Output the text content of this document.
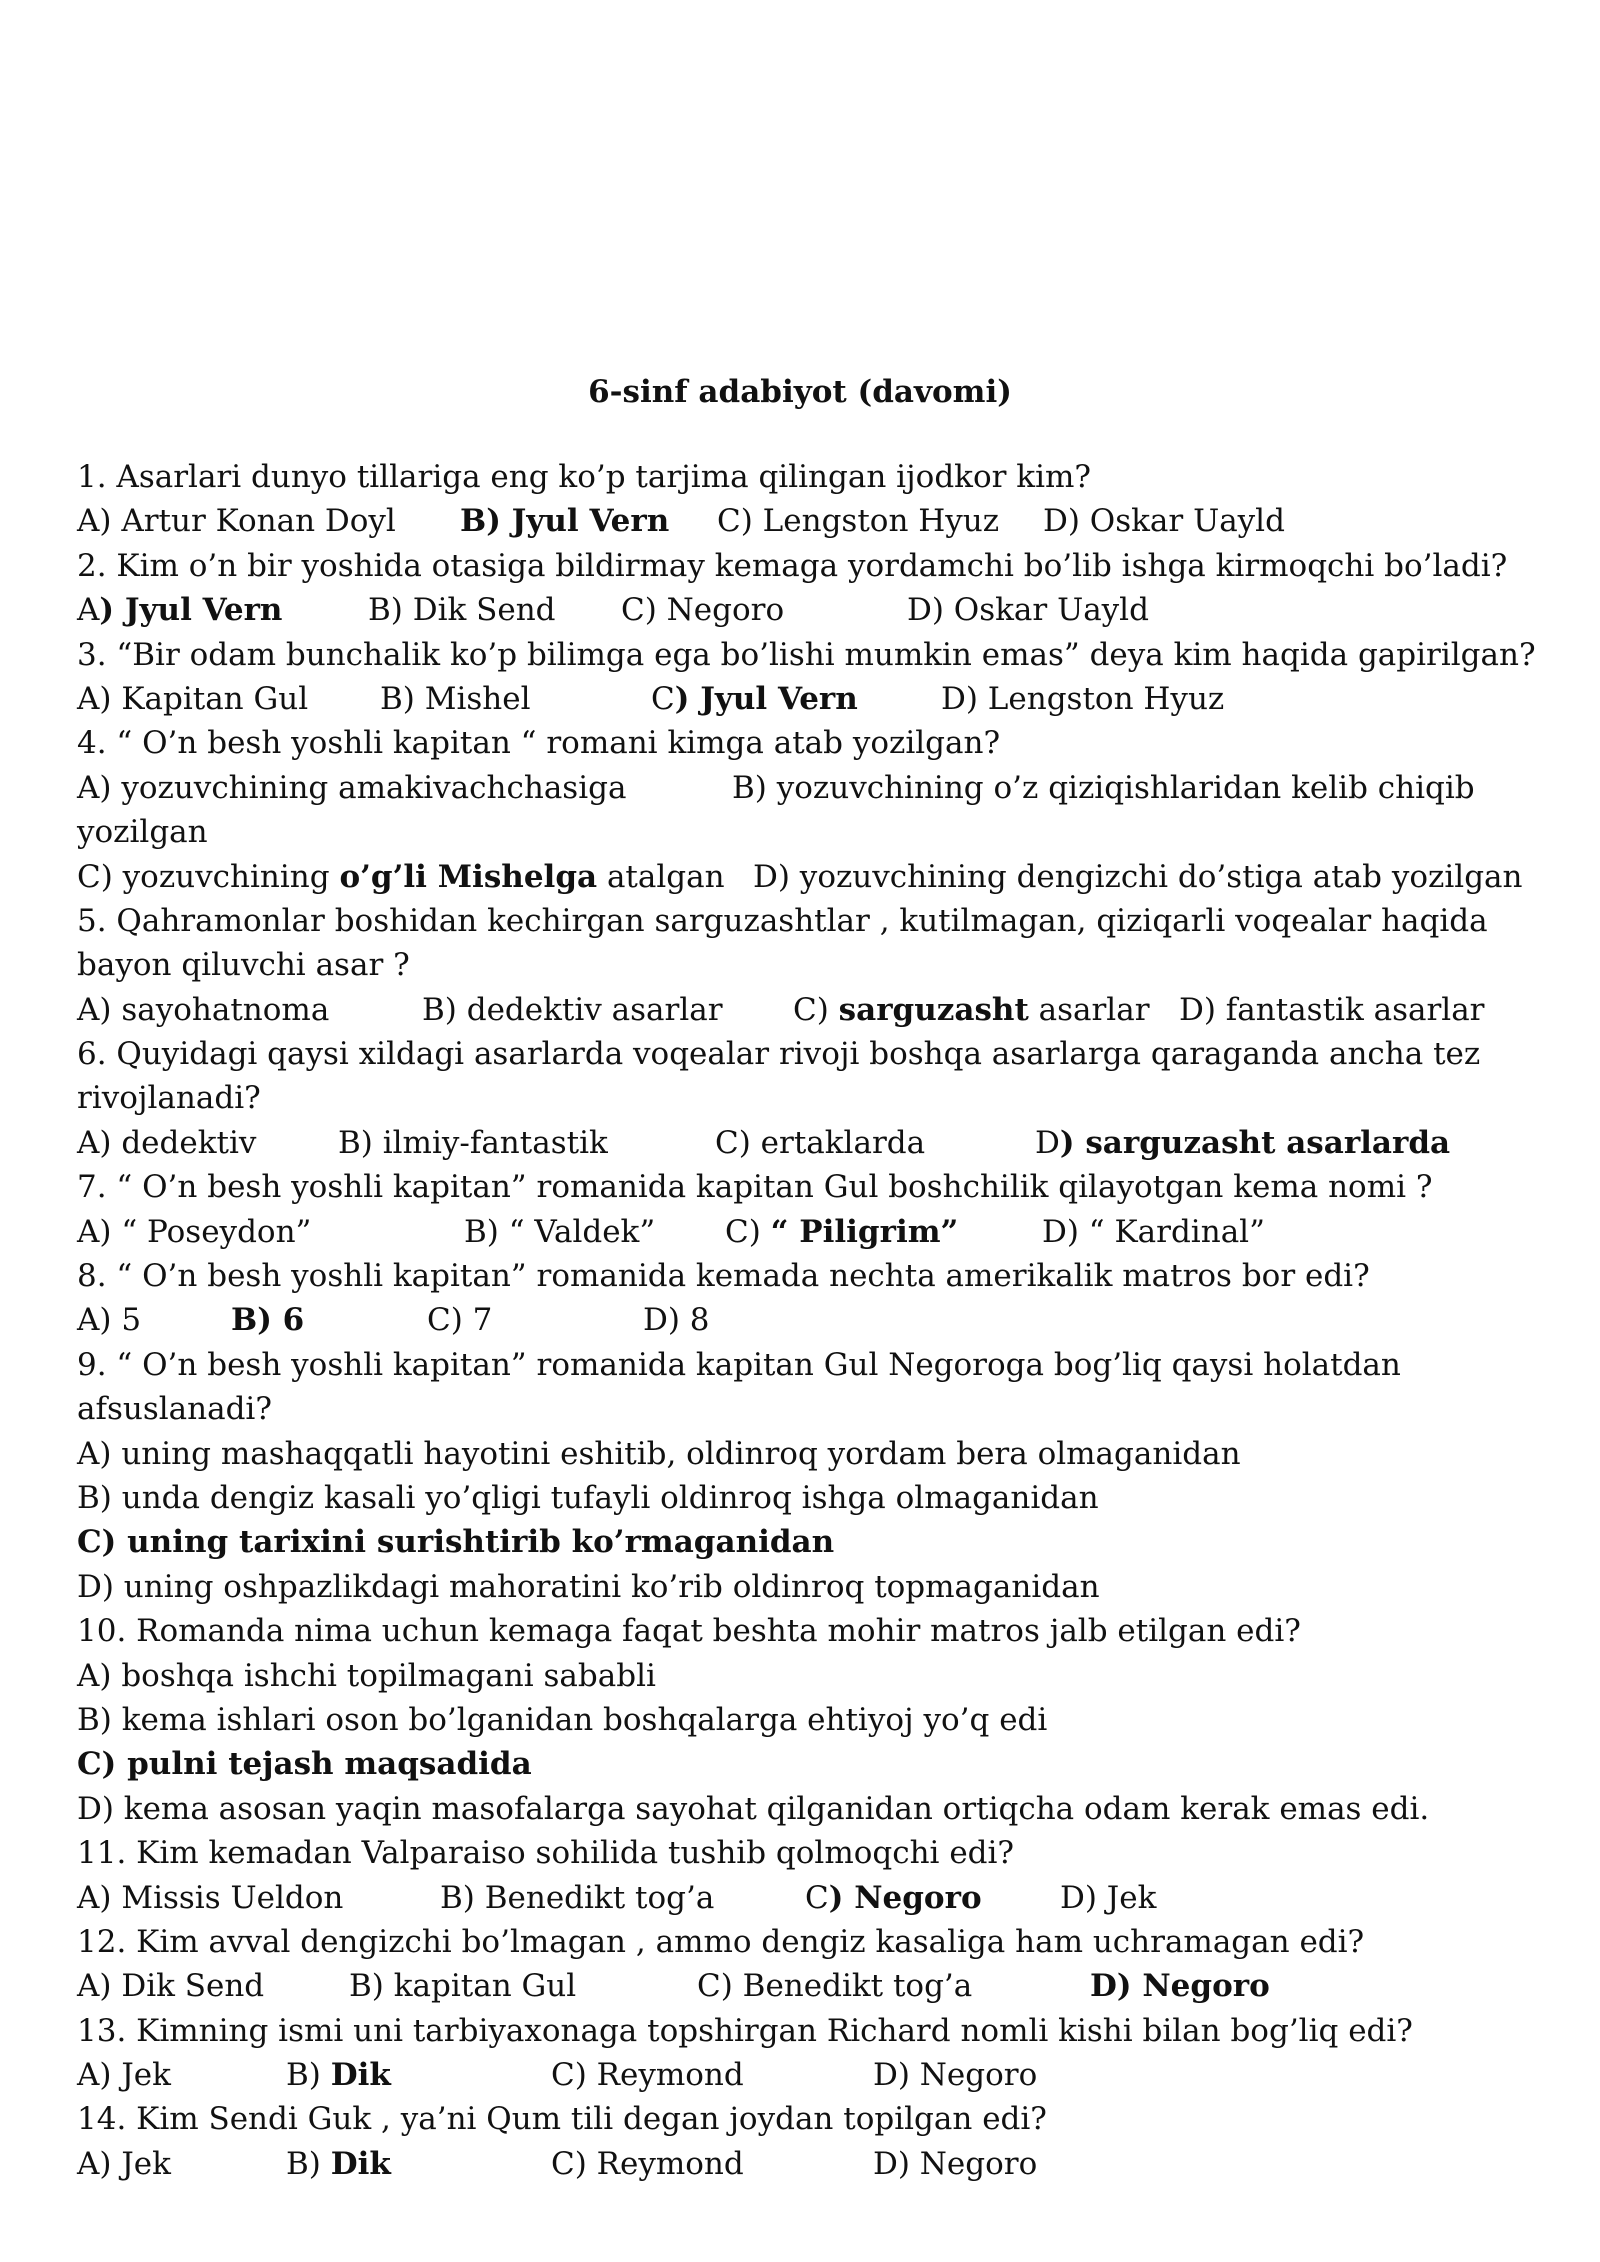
6-sinf adabiyot (davomi)
1. Asarlari dunyo tillariga eng ko’p tarjima qilingan ijodkor kim?
A) Artur Konan Doyl B) Jyul Vern C) Lengston Hyuz D) Oskar Uayld
2. Kim o’n bir yoshida otasiga bildirmay kemaga yordamchi bo’lib ishga kirmoqchi bo’ladi?
A) Jyul Vern	B) Dik Send C) Negoro	D) Oskar Uayld
3. “Bir odam bunchalik ko’p bilimga ega bo’lishi mumkin emas” deya kim haqida gapirilgan?
A) Kapitan Gul B) Mishel	C) Jyul Vern	D) Lengston Hyuz
4. “ O’n besh yoshli kapitan “ romani kimga atab yozilgan?
A) yozuvchining amakivachchasiga	B) yozuvchining o’z qiziqishlaridan kelib chiqib
yozilgan
C) yozuvchining o’g’li Mishelga atalgan D) yozuvchining dengizchi do’stiga atab yozilgan
5. Qahramonlar boshidan kechirgan sarguzashtlar , kutilmagan, qiziqarli voqealar haqida
bayon qiluvchi asar ?
A) sayohatnoma	B) dedektiv asarlar C) sarguzasht asarlar D) fantastik asarlar
6. Quyidagi qaysi xildagi asarlarda voqealar rivoji boshqa asarlarga qaraganda ancha tez
rivojlanadi?
A) dedektiv	B) ilmiy-fantastik	C) ertaklarda	D) sarguzasht asarlarda
7. “ O’n besh yoshli kapitan” romanida kapitan Gul boshchilik qilayotgan kema nomi ?
A) “ Poseydon”	B) “ Valdek” C) “ Piligrim”	D) “ Kardinal”
8. “ O’n besh yoshli kapitan” romanida kemada nechta amerikalik matros bor edi?
A) 5	B) 6	C) 7	D) 8
9. “ O’n besh yoshli kapitan” romanida kapitan Gul Negoroga bog’liq qaysi holatdan
afsuslanadi?
A) uning mashaqqatli hayotini eshitib, oldinroq yordam bera olmaganidan
B) unda dengiz kasali yo’qligi tufayli oldinroq ishga olmaganidan
C) uning tarixini surishtirib ko’rmaganidan
D) uning oshpazlikdagi mahoratini ko’rib oldinroq topmaganidan
10. Romanda nima uchun kemaga faqat beshta mohir matros jalb etilgan edi?
A) boshqa ishchi topilmagani sababli
B) kema ishlari oson bo’lganidan boshqalarga ehtiyoj yo’q edi
C) pulni tejash maqsadida
D) kema asosan yaqin masofalarga sayohat qilganidan ortiqcha odam kerak emas edi.
11. Kim kemadan Valparaiso sohilida tushib qolmoqchi edi?
A) Missis Ueldon	B) Benedikt tog’a	C) Negoro	D) Jek
12. Kim avval dengizchi bo’lmagan , ammo dengiz kasaliga ham uchramagan edi?
A) Dik Send	B) kapitan Gul	C) Benedikt tog’a	D) Negoro
13. Kimning ismi uni tarbiyaxonaga topshirgan Richard nomli kishi bilan bog’liq edi?
A) Jek	B) Dik	C) Reymond	D) Negoro
14. Kim Sendi Guk , ya’ni Qum tili degan joydan topilgan edi?
A) Jek	B) Dik	C) Reymond	D) Negoro
